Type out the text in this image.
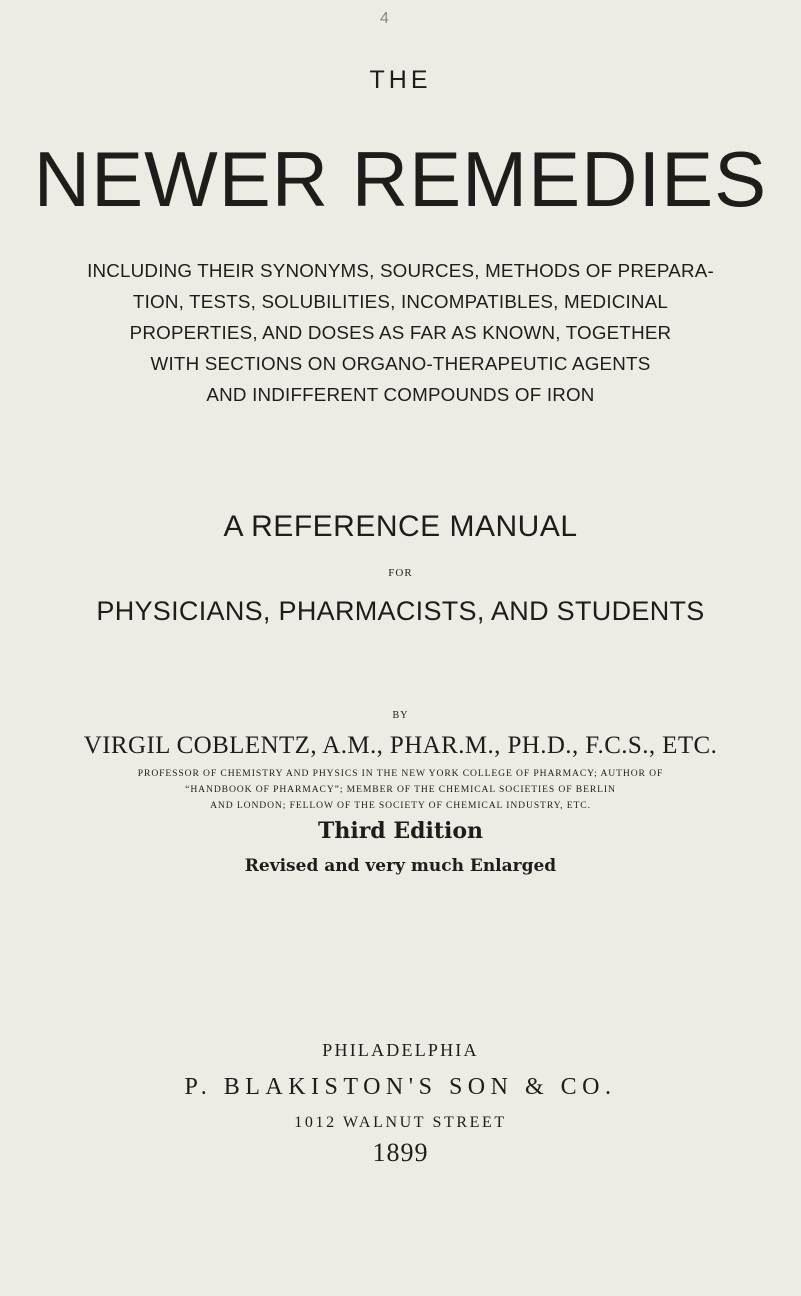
4
THE
NEWER REMEDIES
INCLUDING THEIR SYNONYMS, SOURCES, METHODS OF PREPARA-
TION, TESTS, SOLUBILITIES, INCOMPATIBLES, MEDICINAL
PROPERTIES, AND DOSES AS FAR AS KNOWN, TOGETHER
WITH SECTIONS ON ORGANO-THERAPEUTIC AGENTS
AND INDIFFERENT COMPOUNDS OF IRON
A REFERENCE MANUAL
FOR
PHYSICIANS, PHARMACISTS, AND STUDENTS
BY
VIRGIL COBLENTZ, A.M., PHAR.M., PH.D., F.C.S., ETC.
PROFESSOR OF CHEMISTRY AND PHYSICS IN THE NEW YORK COLLEGE OF PHARMACY; AUTHOR OF
“HANDBOOK OF PHARMACY”; MEMBER OF THE CHEMICAL SOCIETIES OF BERLIN
AND LONDON; FELLOW OF THE SOCIETY OF CHEMICAL INDUSTRY, ETC.
Third Edition
Revised and very much Enlarged
PHILADELPHIA
P. BLAKISTON'S SON & CO.
1012 WALNUT STREET
1899
